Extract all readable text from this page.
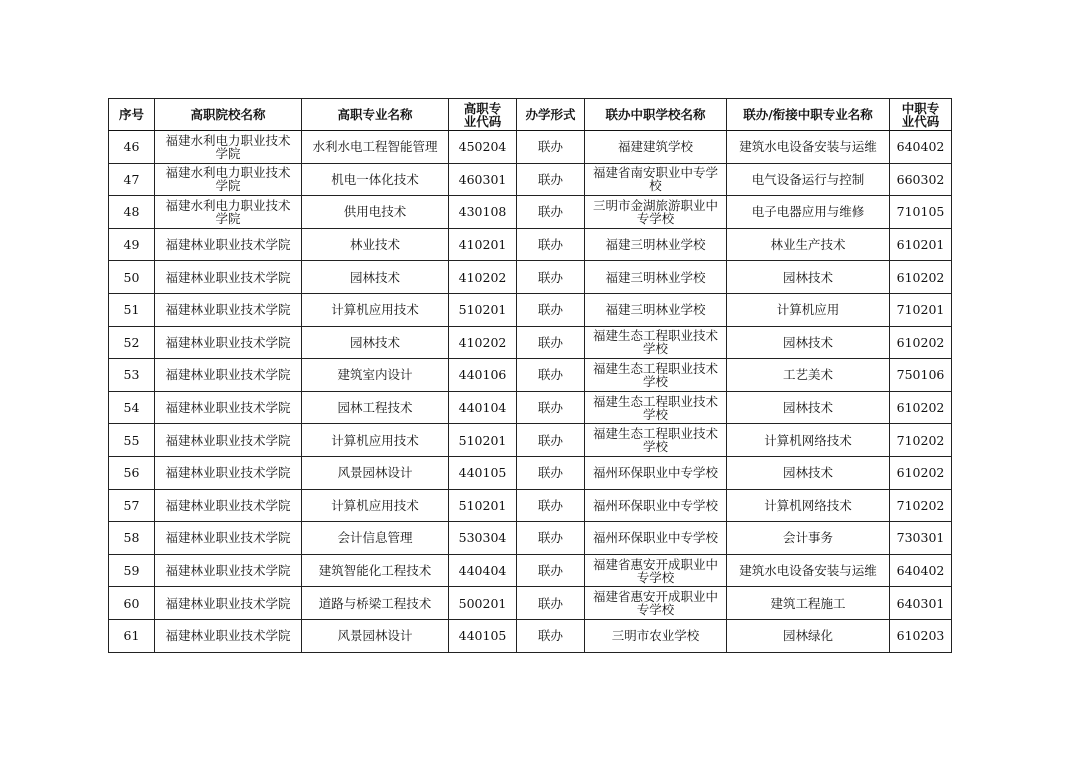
序号	高职院校名称	高职专业名称	高职专业代码	办学形式	联办中职学校名称	联办/衔接中职专业名称	中职专业代码
46	福建水利电力职业技术学院	水利水电工程智能管理	450204	联办	福建建筑学校	建筑水电设备安装与运维	640402
47	福建水利电力职业技术学院	机电一体化技术	460301	联办	福建省南安职业中专学校	电气设备运行与控制	660302
48	福建水利电力职业技术学院	供用电技术	430108	联办	三明市金湖旅游职业中专学校	电子电器应用与维修	710105
49	福建林业职业技术学院	林业技术	410201	联办	福建三明林业学校	林业生产技术	610201
50	福建林业职业技术学院	园林技术	410202	联办	福建三明林业学校	园林技术	610202
51	福建林业职业技术学院	计算机应用技术	510201	联办	福建三明林业学校	计算机应用	710201
52	福建林业职业技术学院	园林技术	410202	联办	福建生态工程职业技术学校	园林技术	610202
53	福建林业职业技术学院	建筑室内设计	440106	联办	福建生态工程职业技术学校	工艺美术	750106
54	福建林业职业技术学院	园林工程技术	440104	联办	福建生态工程职业技术学校	园林技术	610202
55	福建林业职业技术学院	计算机应用技术	510201	联办	福建生态工程职业技术学校	计算机网络技术	710202
56	福建林业职业技术学院	风景园林设计	440105	联办	福州环保职业中专学校	园林技术	610202
57	福建林业职业技术学院	计算机应用技术	510201	联办	福州环保职业中专学校	计算机网络技术	710202
58	福建林业职业技术学院	会计信息管理	530304	联办	福州环保职业中专学校	会计事务	730301
59	福建林业职业技术学院	建筑智能化工程技术	440404	联办	福建省惠安开成职业中专学校	建筑水电设备安装与运维	640402
60	福建林业职业技术学院	道路与桥梁工程技术	500201	联办	福建省惠安开成职业中专学校	建筑工程施工	640301
61	福建林业职业技术学院	风景园林设计	440105	联办	三明市农业学校	园林绿化	610203
